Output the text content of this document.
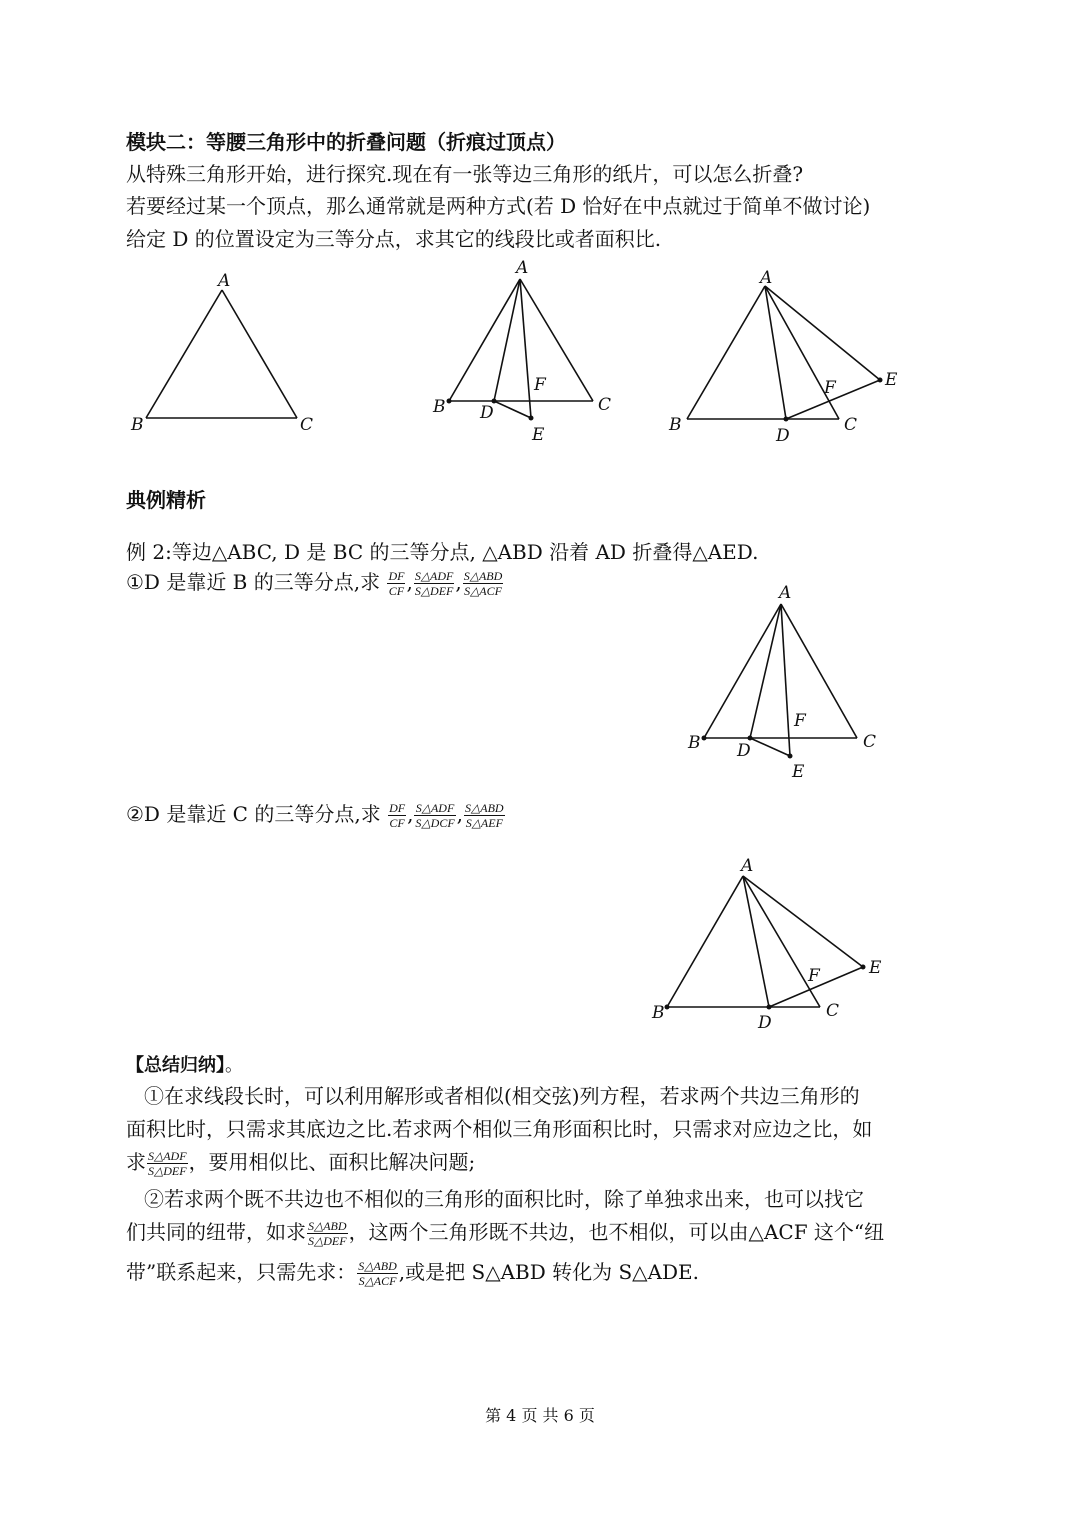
模块二：等腰三角形中的折叠问题（折痕过顶点）
从特殊三角形开始，进行探究.现在有一张等边三角形的纸片，可以怎么折叠?
若要经过某一个顶点，那么通常就是两种方式(若 D 恰好在中点就过于简单不做讨论)
给定 D 的位置设定为三等分点，求其它的线段比或者面积比.
A
B	C
A
B	C
D
E
F
A
B	C
D
E
F
A
B	C
D
E
F
A
B	C
D
E
F
典例精析
例 2:等边△ABC, D 是 BC 的三等分点, △ABD 沿着 AD 折叠得△AED.
①D 是靠近 B 的三等分点,求 $\frac{DF}{CF}$ , $\frac{\text{S△ADF}}{\text{S△DEF}}$ , $\frac{\text{S△ABD}}{\text{S△ACF}}$
②D 是靠近 C 的三等分点,求 $\frac{DF}{CF}$ , $\frac{\text{S△ADF}}{\text{S△DCF}}$ , $\frac{\text{S△ABD}}{\text{S△AEF}}$
【总结归纳】。
①在求线段长时，可以利用解形或者相似(相交弦)列方程，若求两个共边三角形的
面积比时，只需求其底边之比.若求两个相似三角形面积比时，只需求对应边之比，如
求 $\frac{\text{S△ADF}}{\text{S△DEF}}$ ，要用相似比、面积比解决问题;
②若求两个既不共边也不相似的三角形的面积比时，除了单独求出来，也可以找它
们共同的纽带，如求 $\frac{\text{S△ABD}}{\text{S△DEF}}$ ，这两个三角形既不共边，也不相似，可以由△ACF 这个“纽
带”联系起来，只需先求： $\frac{\text{S△ABD}}{\text{S△ACF}}$ ,或是把 S△ABD 转化为 S△ADE.
第 4 页 共 6 页
